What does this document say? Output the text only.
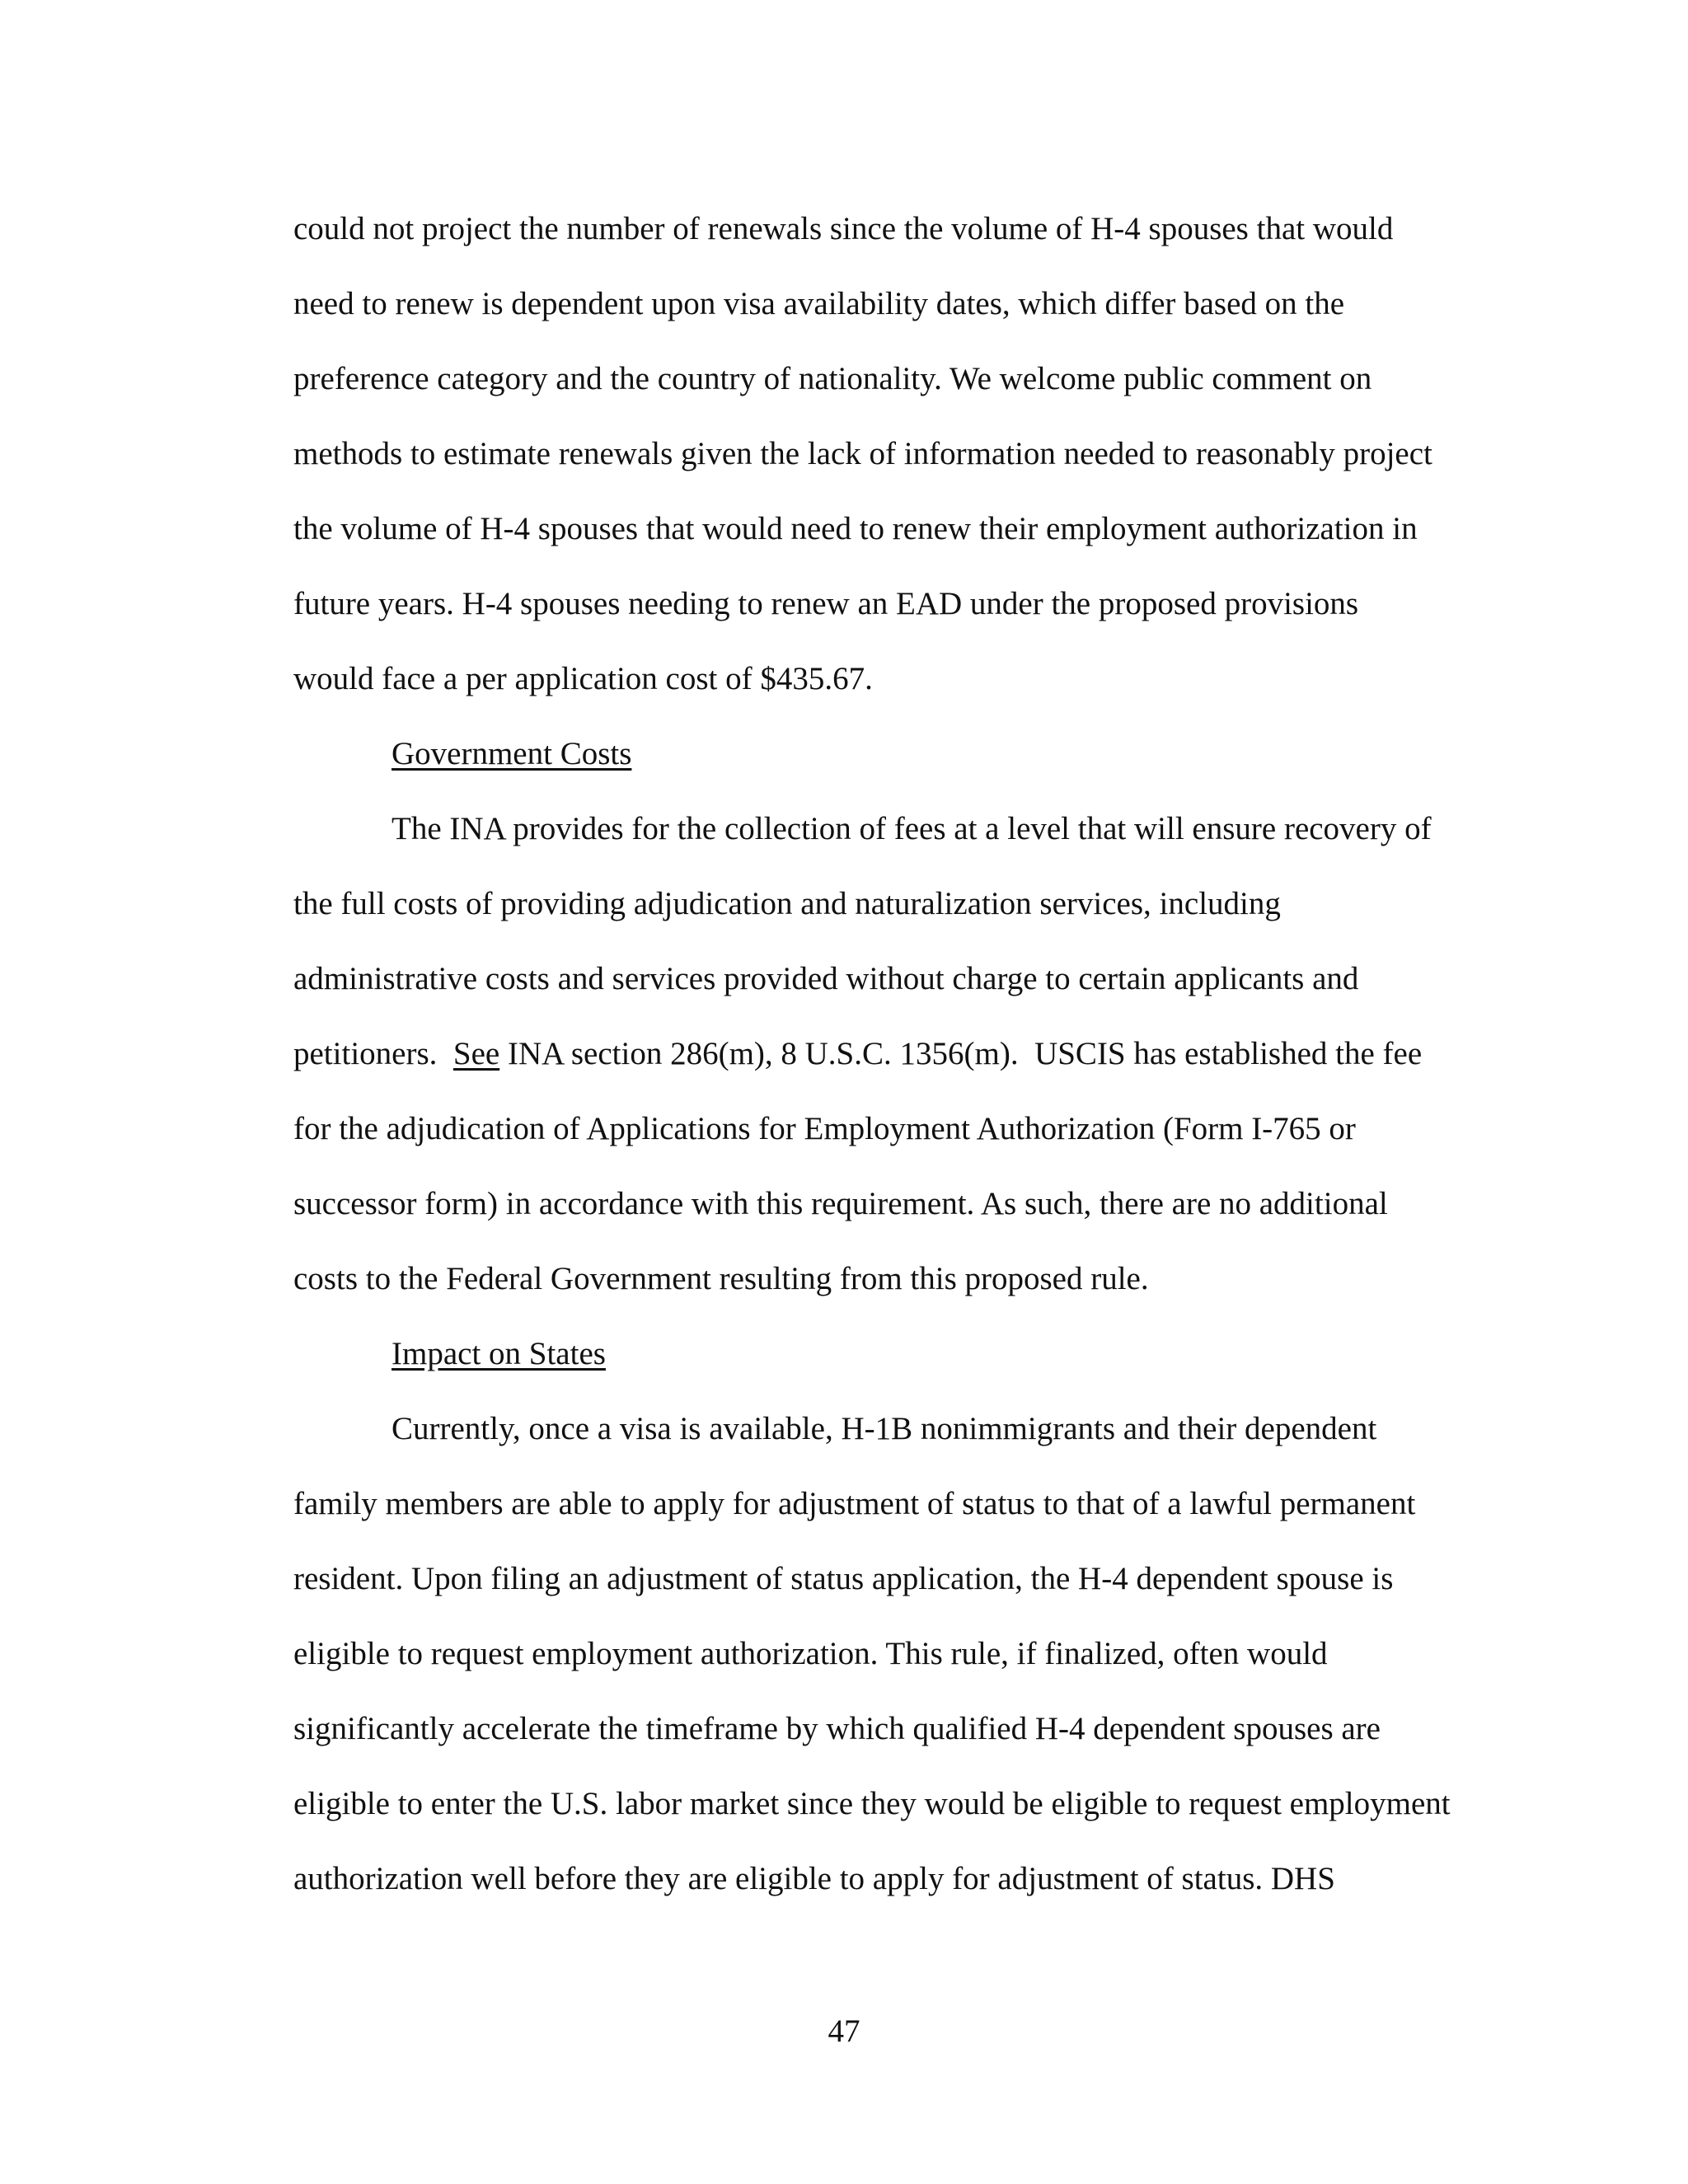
could not project the number of renewals since the volume of H-4 spouses that would
need to renew is dependent upon visa availability dates, which differ based on the
preference category and the country of nationality. We welcome public comment on
methods to estimate renewals given the lack of information needed to reasonably project
the volume of H-4 spouses that would need to renew their employment authorization in
future years. H-4 spouses needing to renew an EAD under the proposed provisions
would face a per application cost of $435.67.
Government Costs
The INA provides for the collection of fees at a level that will ensure recovery of
the full costs of providing adjudication and naturalization services, including
administrative costs and services provided without charge to certain applicants and
petitioners.  See INA section 286(m), 8 U.S.C. 1356(m).  USCIS has established the fee
for the adjudication of Applications for Employment Authorization (Form I-765 or
successor form) in accordance with this requirement. As such, there are no additional
costs to the Federal Government resulting from this proposed rule.
Impact on States
Currently, once a visa is available, H-1B nonimmigrants and their dependent
family members are able to apply for adjustment of status to that of a lawful permanent
resident. Upon filing an adjustment of status application, the H-4 dependent spouse is
eligible to request employment authorization. This rule, if finalized, often would
significantly accelerate the timeframe by which qualified H-4 dependent spouses are
eligible to enter the U.S. labor market since they would be eligible to request employment
authorization well before they are eligible to apply for adjustment of status. DHS
47
